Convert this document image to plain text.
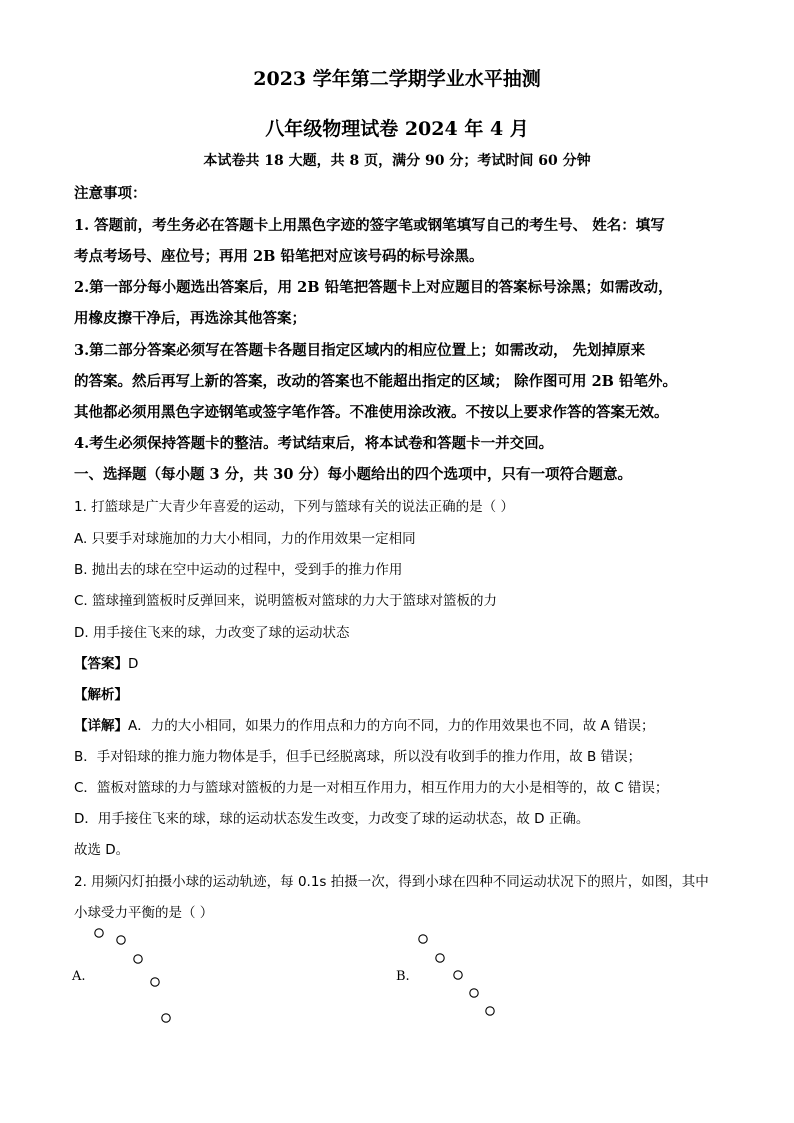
2023 学年第二学期学业水平抽测
八年级物理试卷 2024 年 4 月
本试卷共 18 大题，共 8 页，满分 90 分；考试时间 60 分钟
注意事项：
1. 答题前，考生务必在答题卡上用黑色字迹的签字笔或钢笔填写自己的考生号、 姓名：填写
考点考场号、座位号；再用 2B 铅笔把对应该号码的标号涂黑。
2.第一部分每小题选出答案后，用 2B 铅笔把答题卡上对应题目的答案标号涂黑；如需改动，
用橡皮擦干净后，再选涂其他答案；
3.第二部分答案必须写在答题卡各题目指定区域内的相应位置上；如需改动， 先划掉原来
的答案。然后再写上新的答案，改动的答案也不能超出指定的区域； 除作图可用 2B 铅笔外。
其他都必须用黑色字迹钢笔或签字笔作答。不准使用涂改液。不按以上要求作答的答案无效。
4.考生必须保持答题卡的整洁。考试结束后，将本试卷和答题卡一并交回。
一、选择题（每小题 3 分，共 30 分）每小题给出的四个选项中，只有一项符合题意。
1. 打篮球是广大青少年喜爱的运动，下列与篮球有关的说法正确的是（ ）
A. 只要手对球施加的力大小相同，力的作用效果一定相同
B. 抛出去的球在空中运动的过程中，受到手的推力作用
C. 篮球撞到篮板时反弹回来，说明篮板对篮球的力大于篮球对篮板的力
D. 用手接住飞来的球，力改变了球的运动状态
【答案】D
【解析】
【详解】A．力的大小相同，如果力的作用点和力的方向不同，力的作用效果也不同，故 A 错误；
B．手对铅球的推力施力物体是手，但手已经脱离球，所以没有收到手的推力作用，故 B 错误；
C．篮板对篮球的力与篮球对篮板的力是一对相互作用力，相互作用力的大小是相等的，故 C 错误；
D．用手接住飞来的球，球的运动状态发生改变，力改变了球的运动状态，故 D 正确。
故选 D。
2. 用频闪灯拍摄小球的运动轨迹，每 0.1s 拍摄一次，得到小球在四种不同运动状况下的照片，如图，其中
小球受力平衡的是（ ）
A.	B.
